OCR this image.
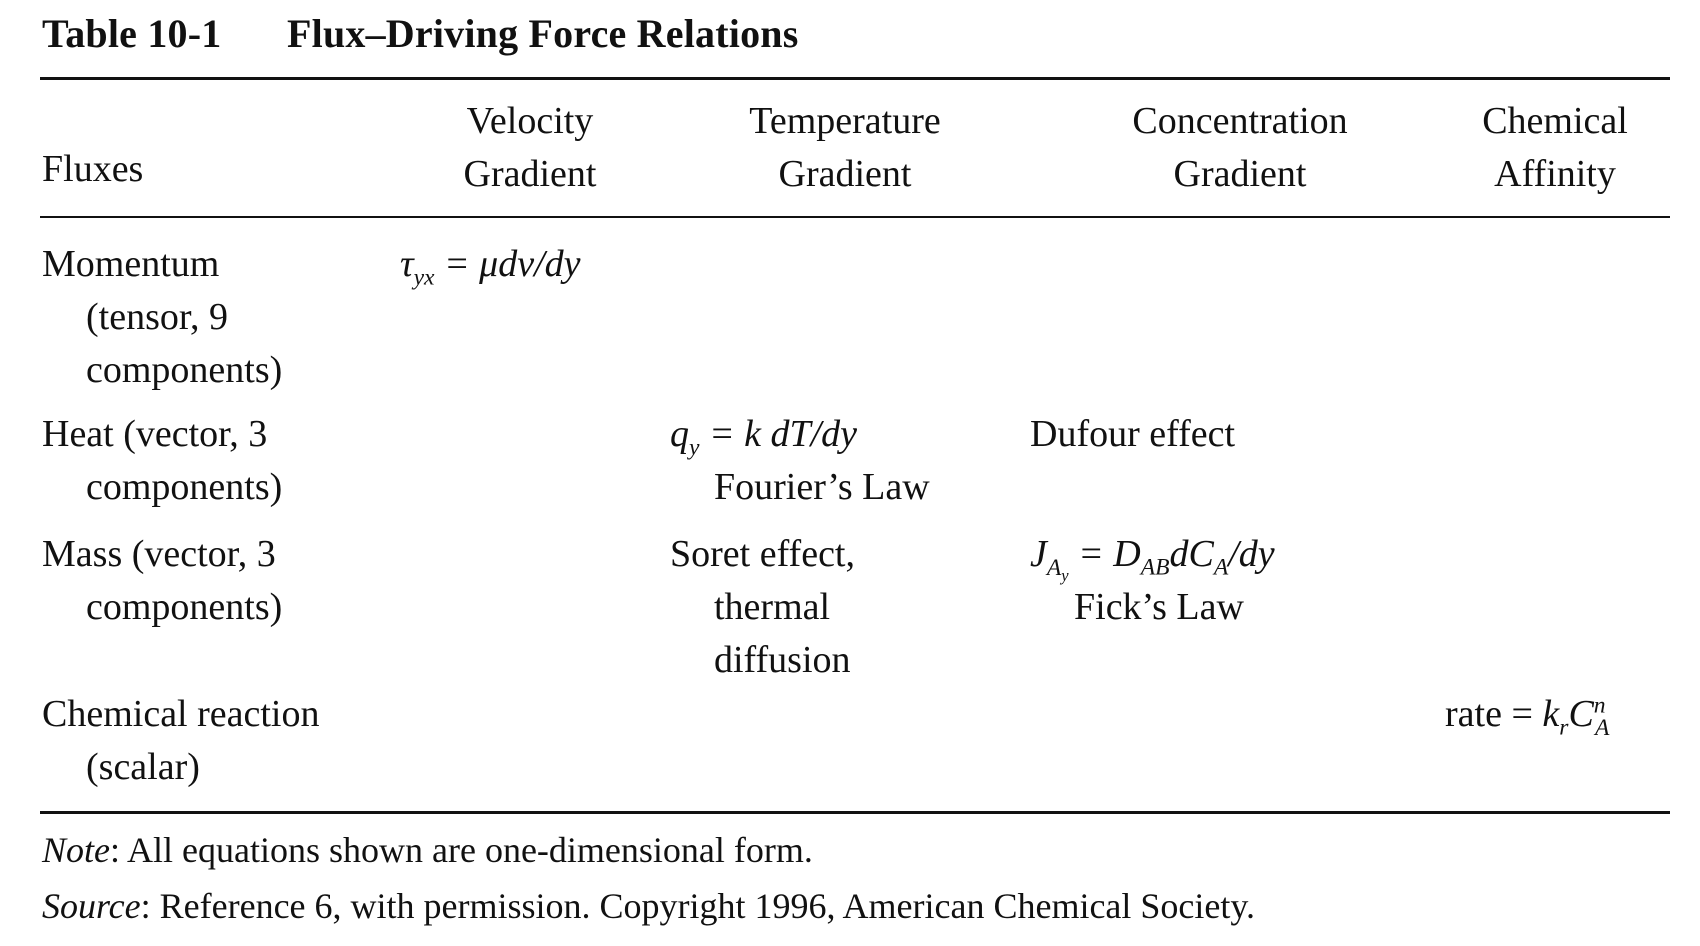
Table 10-1 Flux–Driving Force Relations
Fluxes
Velocity
Gradient
Temperature
Gradient
Concentration
Gradient
Chemical
Affinity
Momentum
(tensor, 9
components)
$\tau_{yx} = \mu dv/dy$
Heat (vector, 3
components)
$q_y = k$ dT/dy
Fourier’s Law
Dufour effect
Mass (vector, 3
components)
Soret effect,
thermal
diffusion
$J_{A_y} = D_{AB}dC_A/dy$
Fick’s Law
Chemical reaction
(scalar)
rate = $k_rC^n_A$
Note: All equations shown are one-dimensional form.
Source: Reference 6, with permission. Copyright 1996, American Chemical Society.
